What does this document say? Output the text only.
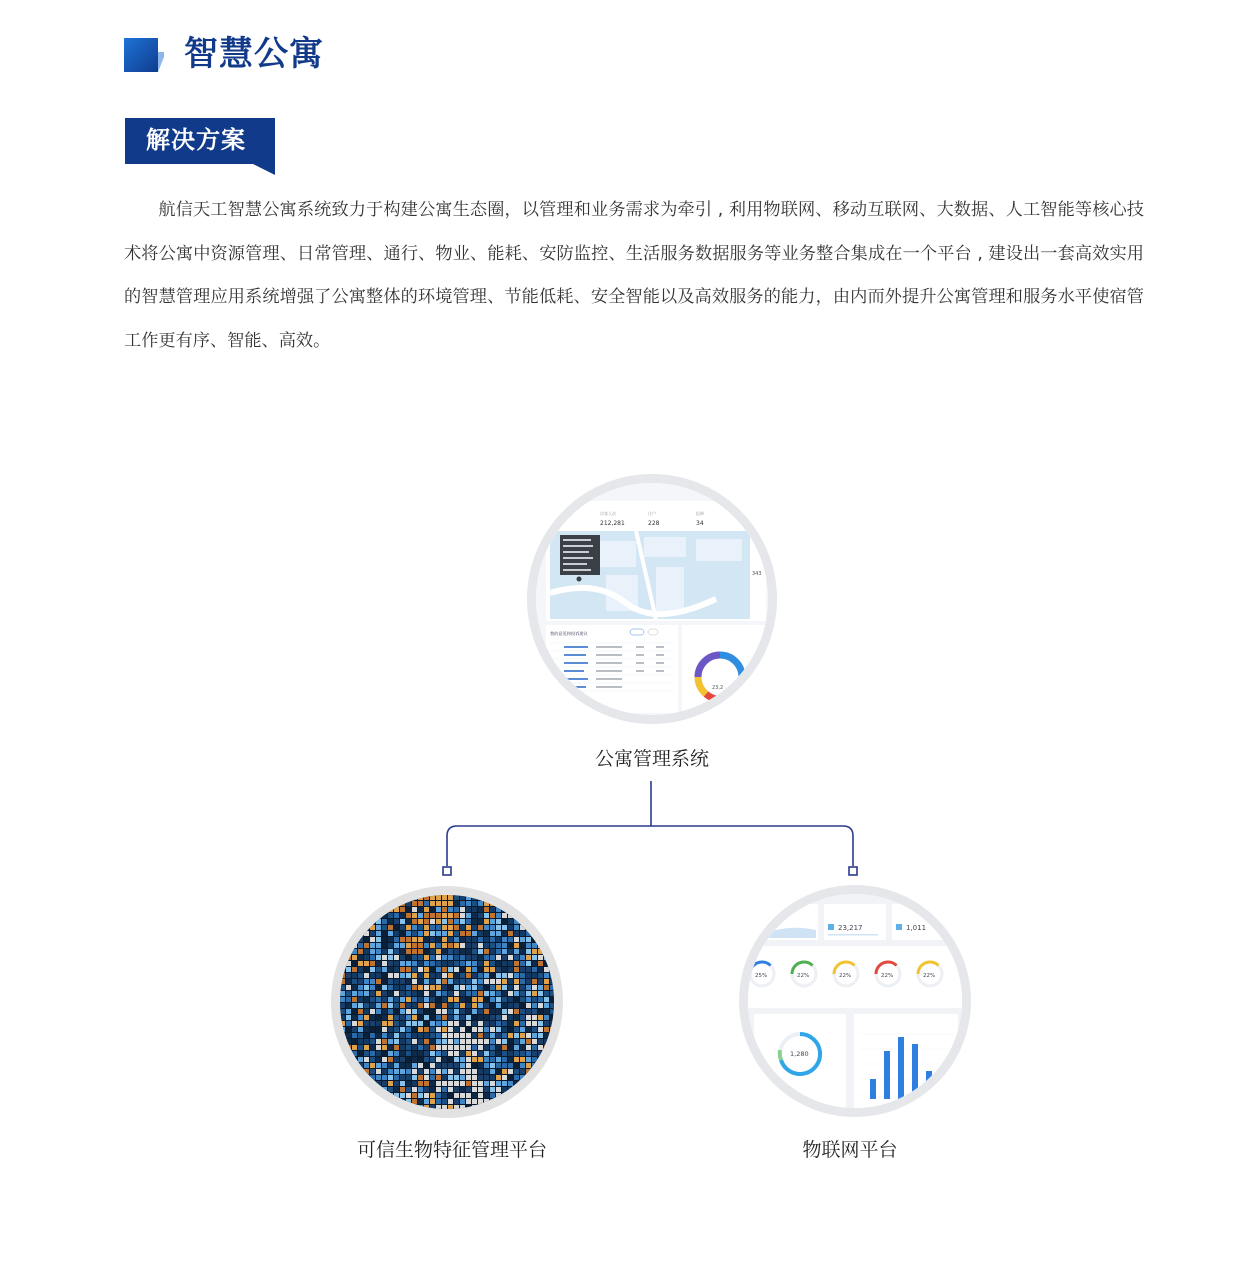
智慧公寓
解决方案

航信天工智慧公寓系统致力于构建公寓生态圈，以管理和业务需求为牵引 , 利用物联网、移动互联网、大数据、人工智能等核心技术将公寓中资源管理、日常管理、通行、物业、能耗、安防监控、生活服务数据服务等业务整合集成在一个平台 , 建设出一套高效实用的智慧管理应用系统增强了公寓整体的环境管理、节能低耗、安全智能以及高效服务的能力，由内而外提升公寓管理和服务水平使宿管工作更有序、智能、高效。

访客人次
212,281
住户
228
报修
34
343
我的意见和投诉建议
23,2
公寓管理系统
可信生物特征管理平台
23,217	1,011
25%	22%	22%	22%	22%
1,280
物联网平台
